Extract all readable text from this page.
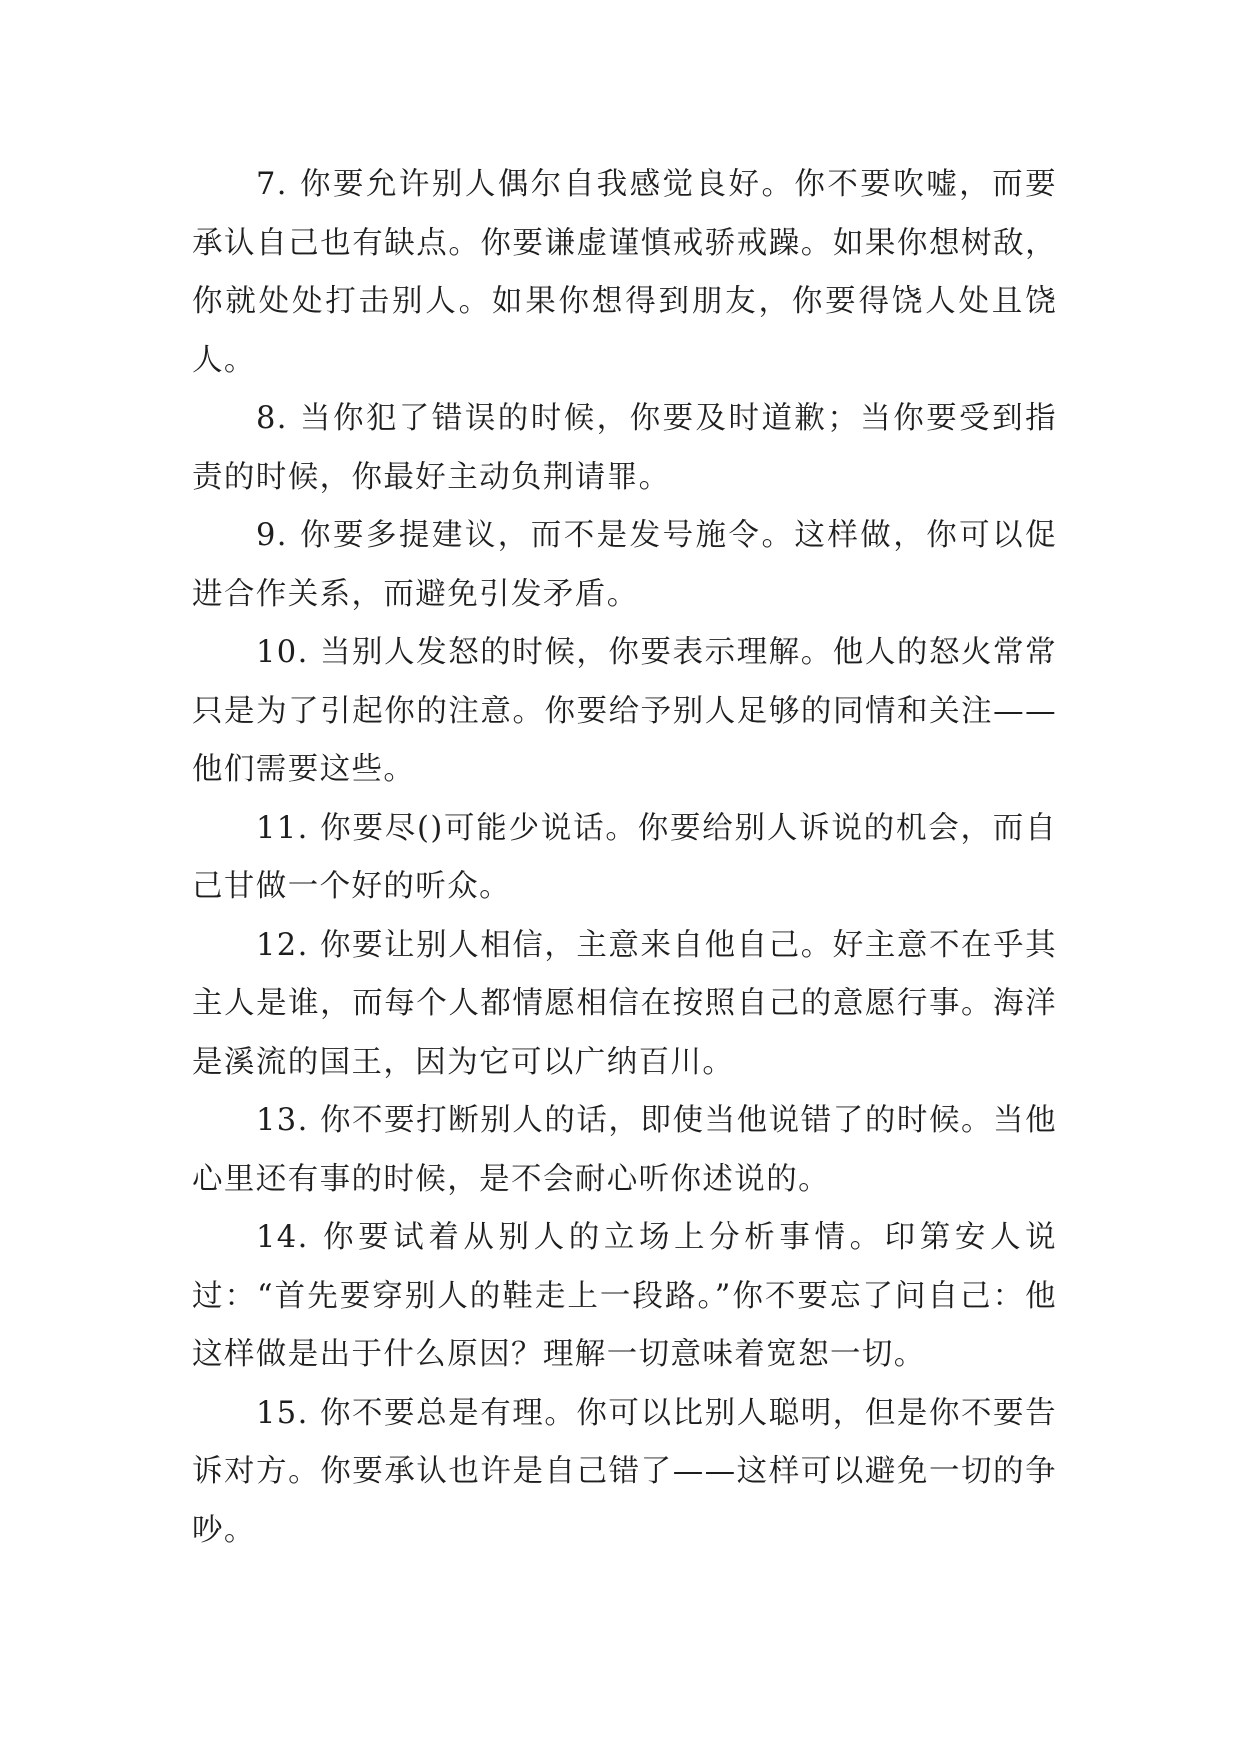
7. 你要允许别人偶尔自我感觉良好。你不要吹嘘，而要承认自己也有缺点。你要谦虚谨慎戒骄戒躁。如果你想树敌，你就处处打击别人。如果你想得到朋友，你要得饶人处且饶人。

8. 当你犯了错误的时候，你要及时道歉；当你要受到指责的时候，你最好主动负荆请罪。

9. 你要多提建议，而不是发号施令。这样做，你可以促进合作关系，而避免引发矛盾。

10. 当别人发怒的时候，你要表示理解。他人的怒火常常只是为了引起你的注意。你要给予别人足够的同情和关注——他们需要这些。

11. 你要尽()可能少说话。你要给别人诉说的机会，而自己甘做一个好的听众。

12. 你要让别人相信，主意来自他自己。好主意不在乎其主人是谁，而每个人都情愿相信在按照自己的意愿行事。海洋是溪流的国王，因为它可以广纳百川。

13. 你不要打断别人的话，即使当他说错了的时候。当他心里还有事的时候，是不会耐心听你述说的。

14. 你要试着从别人的立场上分析事情。印第安人说过：“首先要穿别人的鞋走上一段路。”你不要忘了问自己：他这样做是出于什么原因？理解一切意味着宽恕一切。

15. 你不要总是有理。你可以比别人聪明，但是你不要告诉对方。你要承认也许是自己错了——这样可以避免一切的争吵。
